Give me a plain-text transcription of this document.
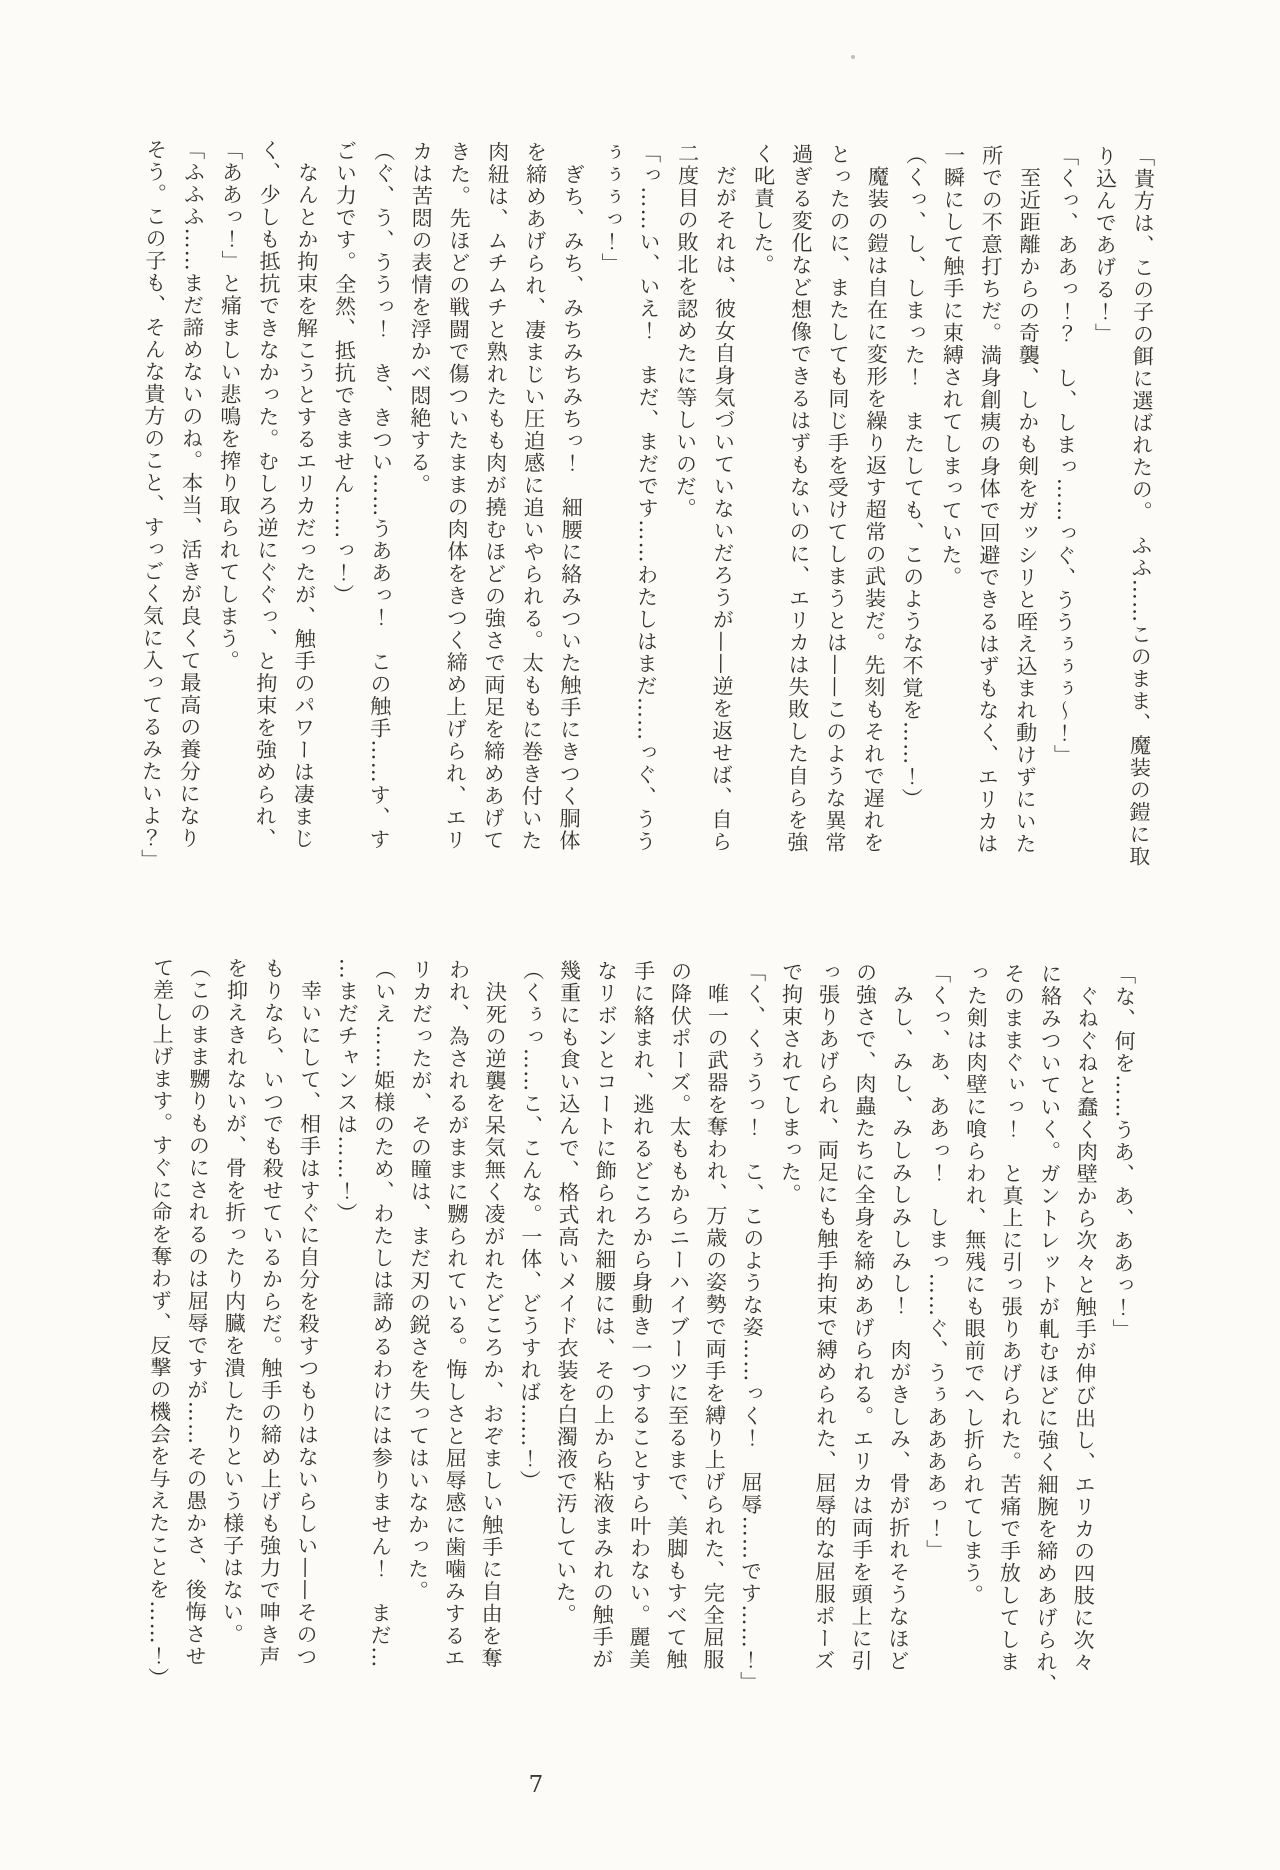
「貴方は、この子の餌に選ばれたの。　ふふ……このまま、魔装の鎧に取

り込んであげる！」

「くっ、ああっ！？　し、しまっ……っぐ、ううぅぅぅ～！」

至近距離からの奇襲、しかも剣をガッシリと咥え込まれ動けずにいた

所での不意打ちだ。満身創痍の身体で回避できるはずもなく、エリカは

一瞬にして触手に束縛されてしまっていた。

（くっ、し、しまった！　またしても、このような不覚を……！）

魔装の鎧は自在に変形を繰り返す超常の武装だ。先刻もそれで遅れを

とったのに、またしても同じ手を受けてしまうとは——このような異常

過ぎる変化など想像できるはずもないのに、エリカは失敗した自らを強

く叱責した。

だがそれは、彼女自身気づいていないだろうが——逆を返せば、自ら

二度目の敗北を認めたに等しいのだ。

「っ……い、いえ！　まだ、まだです……わたしはまだ……っぐ、うう

ぅぅぅっ！」

ぎち、みち、みちみちみちっ！　細腰に絡みついた触手にきつく胴体

を締めあげられ、凄まじい圧迫感に追いやられる。太ももに巻き付いた

肉紐は、ムチムチと熟れたもも肉が撓むほどの強さで両足を締めあげて

きた。先ほどの戦闘で傷ついたままの肉体をきつく締め上げられ、エリ

カは苦悶の表情を浮かべ悶絶する。

（ぐ、う、ううっ！　き、きつい……うああっ！　この触手……す、す

ごい力です。全然、抵抗できません……っ！）

なんとか拘束を解こうとするエリカだったが、触手のパワーは凄まじ

く、少しも抵抗できなかった。むしろ逆にぐぐっ、と拘束を強められ、

「ああっ！」と痛ましい悲鳴を搾り取られてしまう。

「ふふふ……まだ諦めないのね。本当、活きが良くて最高の養分になり

そう。この子も、そんな貴方のこと、すっごく気に入ってるみたいよ？」

「な、何を……うあ、あ、ああっ！」

ぐねぐねと蠢く肉壁から次々と触手が伸び出し、エリカの四肢に次々

に絡みついていく。ガントレットが軋むほどに強く細腕を締めあげられ、

そのままぐぃっ！　と真上に引っ張りあげられた。苦痛で手放してしま

った剣は肉壁に喰らわれ、無残にも眼前でへし折られてしまう。

「くっ、あ、ああっ！　しまっ……ぐ、うぅああああっ！」

みし、みし、みしみしみしみし！　肉がきしみ、骨が折れそうなほど

の強さで、肉蟲たちに全身を締めあげられる。エリカは両手を頭上に引

っ張りあげられ、両足にも触手拘束で縛められた、屈辱的な屈服ポーズ

で拘束されてしまった。

「く、くぅうっ！　こ、このような姿……っく！　屈辱……です……！」

唯一の武器を奪われ、万歳の姿勢で両手を縛り上げられた、完全屈服

の降伏ポーズ。太ももからニーハイブーツに至るまで、美脚もすべて触

手に絡まれ、逃れるどころから身動き一つすることすら叶わない。麗美

なリボンとコートに飾られた細腰には、その上から粘液まみれの触手が

幾重にも食い込んで、格式高いメイド衣装を白濁液で汚していた。

（くぅっ……こ、こんな。一体、どうすれば……！）

決死の逆襲を呆気無く凌がれたどころか、おぞましい触手に自由を奪

われ、為されるがままに嬲られている。悔しさと屈辱感に歯噛みするエ

リカだったが、その瞳は、まだ刃の鋭さを失ってはいなかった。

（いえ……姫様のため、わたしは諦めるわけには参りません！　まだ…

…まだチャンスは……！）

幸いにして、相手はすぐに自分を殺すつもりはないらしい——そのつ

もりなら、いつでも殺せているからだ。触手の締め上げも強力で呻き声

を抑えきれないが、骨を折ったり内臓を潰したりという様子はない。

（このまま嬲りものにされるのは屈辱ですが……その愚かさ、後悔させ

て差し上げます。すぐに命を奪わず、反撃の機会を与えたことを……！）

7
